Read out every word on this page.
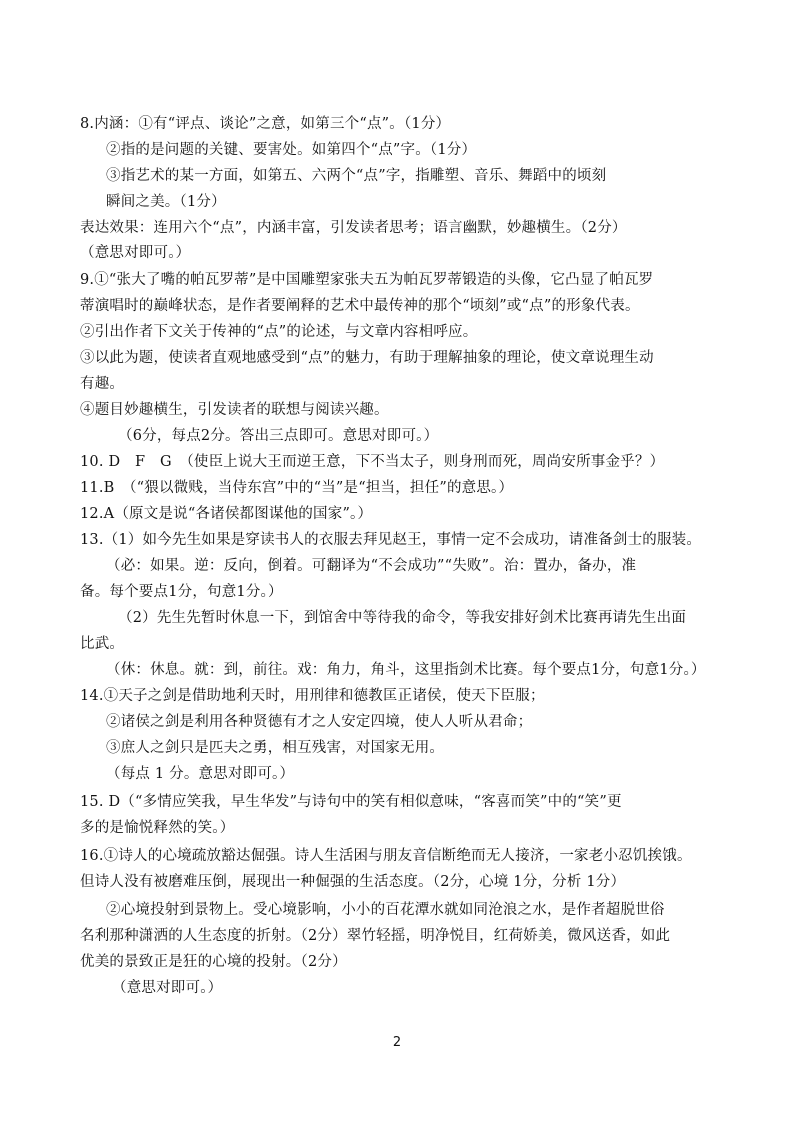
8.内涵：①有“评点、谈论”之意，如第三个“点”。（1分）
②指的是问题的关键、要害处。如第四个“点”字。（1分）
③指艺术的某一方面，如第五、六两个“点”字，指雕塑、音乐、舞蹈中的顷刻
瞬间之美。（1分）
表达效果：连用六个“点”，内涵丰富，引发读者思考；语言幽默，妙趣横生。（2分）
（意思对即可。）
9.①“张大了嘴的帕瓦罗蒂”是中国雕塑家张夫五为帕瓦罗蒂锻造的头像，它凸显了帕瓦罗
蒂演唱时的巅峰状态，是作者要阐释的艺术中最传神的那个“顷刻”或“点”的形象代表。
②引出作者下文关于传神的“点”的论述，与文章内容相呼应。
③以此为题，使读者直观地感受到“点”的魅力，有助于理解抽象的理论，使文章说理生动
有趣。
④题目妙趣横生，引发读者的联想与阅读兴趣。
（6分，每点2分。答出三点即可。意思对即可。）
10. D　F　G　（使臣上说大王而逆王意，下不当太子，则身刑而死，周尚安所事金乎？）
11.B　（“猥以微贱，当侍东宫”中的“当”是“担当，担任”的意思。）
12.A（原文是说“各诸侯都图谋他的国家”。）
13.（1）如今先生如果是穿读书人的衣服去拜见赵王，事情一定不会成功，请准备剑士的服装。
（必：如果。逆：反向，倒着。可翻译为“不会成功”“失败”。治：置办，备办，准
备。每个要点1分，句意1分。）
（2）先生先暂时休息一下，到馆舍中等待我的命令，等我安排好剑术比赛再请先生出面
比武。
（休：休息。就：到，前往。戏：角力，角斗，这里指剑术比赛。每个要点1分，句意1分。）
14.①天子之剑是借助地利天时，用刑律和德教匡正诸侯，使天下臣服；
②诸侯之剑是利用各种贤德有才之人安定四境，使人人听从君命；
③庶人之剑只是匹夫之勇，相互残害，对国家无用。
（每点 1 分。意思对即可。）
15. D（“多情应笑我，早生华发”与诗句中的笑有相似意味，“客喜而笑”中的“笑”更
多的是愉悦释然的笑。）
16.①诗人的心境疏放豁达倔强。诗人生活困与朋友音信断绝而无人接济，一家老小忍饥挨饿。
但诗人没有被磨难压倒，展现出一种倔强的生活态度。（2分，心境 1分，分析 1分）
②心境投射到景物上。受心境影响，小小的百花潭水就如同沧浪之水，是作者超脱世俗
名利那种潇洒的人生态度的折射。（2分）翠竹轻摇，明净悦目，红荷娇美，微风送香，如此
优美的景致正是狂的心境的投射。（2分）
（意思对即可。）
2
